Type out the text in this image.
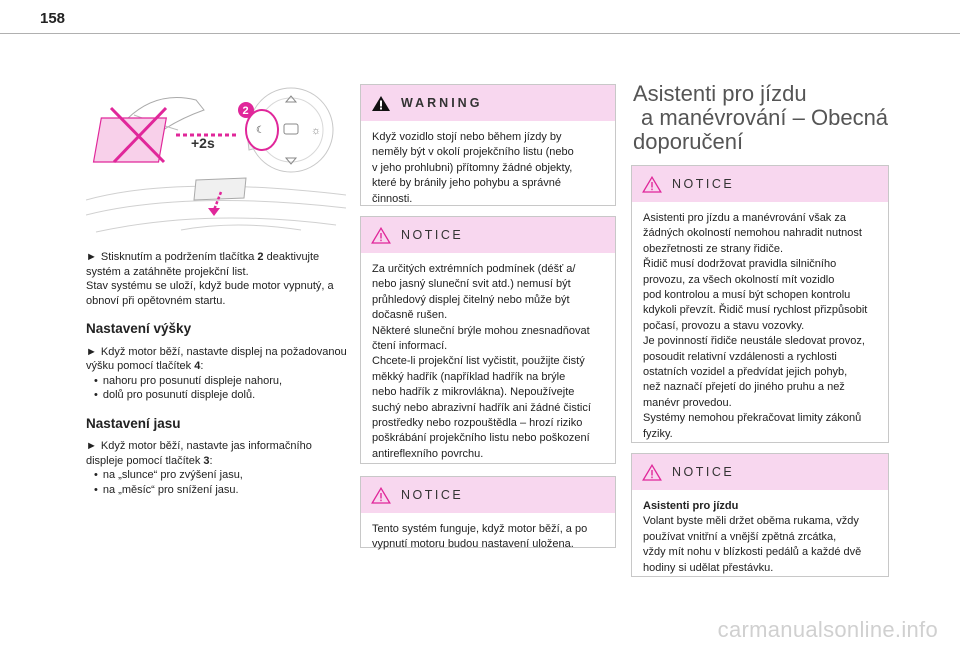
158
+2s
☾	☼
2

► Stisknutím a podržením tlačítka 2 deaktivujte systém a zatáhněte projekční list.

Stav systému se uloží, když bude motor vypnutý, a obnoví při opětovném startu.

Nastavení výšky

► Když motor běží, nastavte displej na požadovanou výšku pomocí tlačítek 4:

• nahoru pro posunutí displeje nahoru,
• dolů pro posunutí displeje dolů.
Nastavení jasu

► Když motor běží, nastavte jas informačního displeje pomocí tlačítek 3:

• na „slunce“ pro zvýšení jasu,
• na „měsíc“ pro snížení jasu.
WARNING
Když vozidlo stojí nebo během jízdy by
neměly být v okolí projekčního listu (nebo
v jeho prohlubni) přítomny žádné objekty,
které by bránily jeho pohybu a správné
činnosti.
NOTICE
Za určitých extrémních podmínek (déšť a/
nebo jasný sluneční svit atd.) nemusí být
průhledový displej čitelný nebo může být
dočasně rušen.
Některé sluneční brýle mohou znesnadňovat
čtení informací.
Chcete-li projekční list vyčistit, použijte čistý
měkký hadřík (například hadřík na brýle
nebo hadřík z mikrovlákna). Nepoužívejte
suchý nebo abrazivní hadřík ani žádné čisticí
prostředky nebo rozpouštědla – hrozí riziko
poškrábání projekčního listu nebo poškození
antireflexního povrchu.
NOTICE
Tento systém funguje, když motor běží, a po
vypnutí motoru budou nastavení uložena.
Asistenti pro jízdu
a manévrování – Obecná
doporučení
NOTICE
Asistenti pro jízdu a manévrování však za
žádných okolností nemohou nahradit nutnost
obezřetnosti ze strany řidiče.
Řidič musí dodržovat pravidla silničního
provozu, za všech okolností mít vozidlo
pod kontrolou a musí být schopen kontrolu
kdykoli převzít. Řidič musí rychlost přizpůsobit
počasí, provozu a stavu vozovky.
Je povinností řidiče neustále sledovat provoz,
posoudit relativní vzdálenosti a rychlosti
ostatních vozidel a předvídat jejich pohyb,
než naznačí přejetí do jiného pruhu a než
manévr provedou.
Systémy nemohou překračovat limity zákonů
fyziky.
NOTICE
Asistenti pro jízdu
Volant byste měli držet oběma rukama, vždy
používat vnitřní a vnější zpětná zrcátka,
vždy mít nohu v blízkosti pedálů a každé dvě
hodiny si udělat přestávku.
carmanualsonline.info
